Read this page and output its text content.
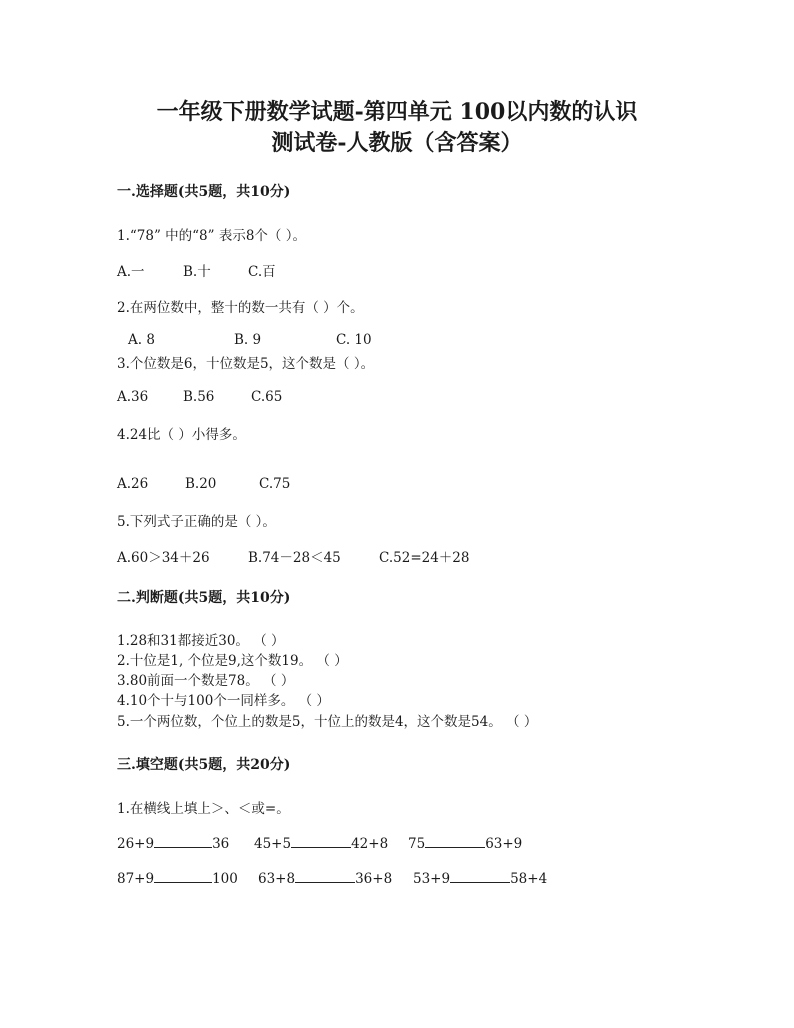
一年级下册数学试题-第四单元 100以内数的认识
测试卷-人教版（含答案）
一.选择题(共5题，共10分)
1.“78” 中的“8” 表示8个（ ）。
A.一	B.十	C.百
2.在两位数中，整十的数一共有（ ）个。
A. 8	B. 9	C. 10
3.个位数是6，十位数是5，这个数是（ ）。
A.36	B.56	C.65
4.24比（ ）小得多。
A.26	B.20	C.75
5.下列式子正确的是（ ）。
A.60＞34＋26	B.74－28＜45	C.52=24＋28
二.判断题(共5题，共10分)
1.28和31都接近30。 （ ）
2.十位是1, 个位是9,这个数19。 （ ）
3.80前面一个数是78。 （ ）
4.10个十与100个一同样多。 （ ）
5.一个两位数，个位上的数是5，十位上的数是4，这个数是54。 （ ）
三.填空题(共5题，共20分)
1.在横线上填上＞、＜或=。
26+9	36 45+5	42+8 75	63+9
87+9	100 63+8	36+8 53+9	58+4
